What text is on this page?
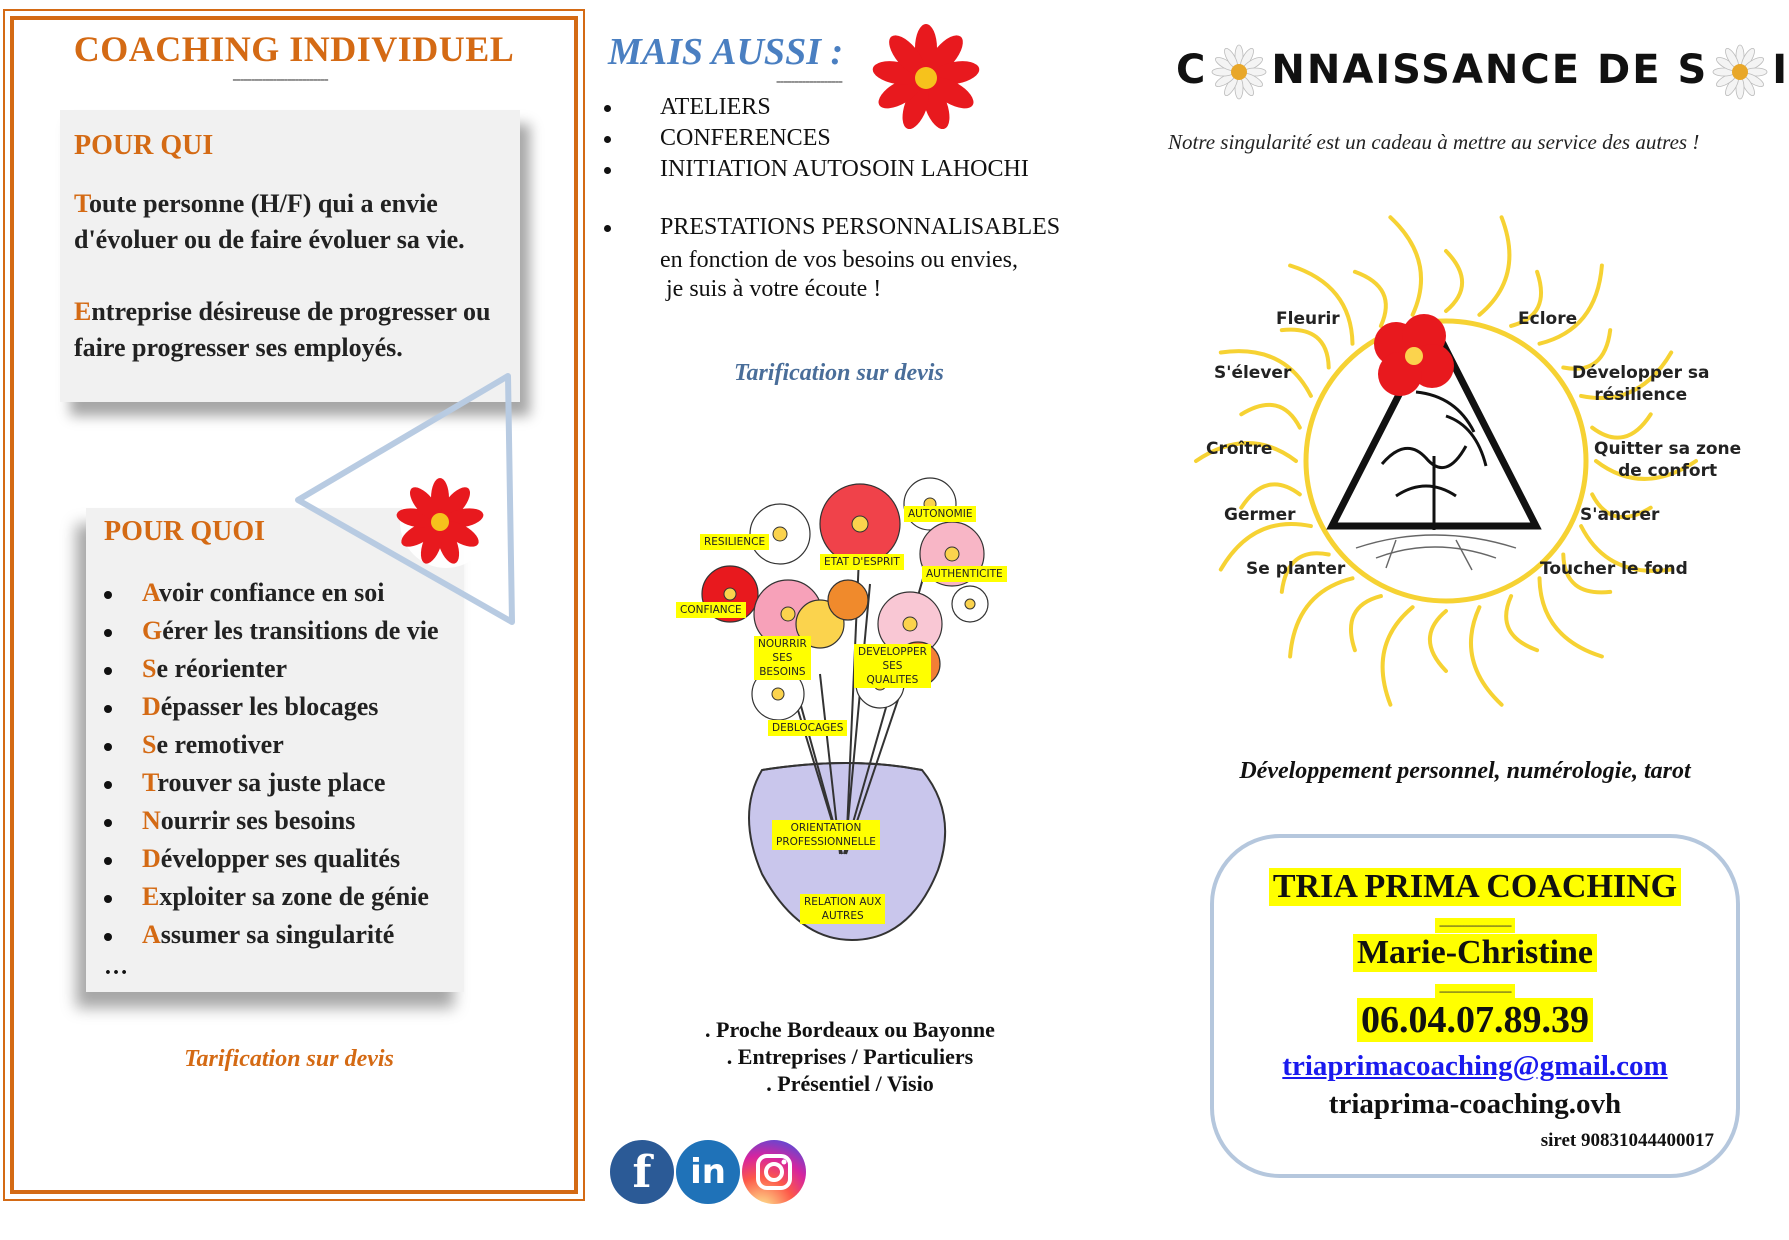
COACHING INDIVIDUEL
--------------------------
POUR QUI

Toute personne (H/F) qui a envie d'évoluer ou de faire évoluer sa vie.

Entreprise désireuse de progresser ou faire progresser ses employés.

POUR QUOI
Avoir confiance en soi
Gérer les transitions de vie
Se réorienter
Dépasser les blocages
Se remotiver
Trouver sa juste place
Nourrir ses besoins
Développer ses qualités
Exploiter sa zone de génie
Assumer sa singularité
…
Tarification sur devis
MAIS AUSSI :
------------------
ATELIERS
CONFERENCES
INITIATION AUTOSOIN LAHOCHI
PRESTATIONS PERSONNALISABLES
en fonction de vos besoins ou envies,
je suis à votre écoute !
Tarification sur devis
RESILIENCE
AUTONOMIE
ETAT D'ESPRIT
AUTHENTICITE
CONFIANCE
NOURRIR
SES
BESOINS
DEVELOPPER
SES
QUALITES
DEBLOCAGES
ORIENTATION
PROFESSIONNELLE
RELATION AUX
AUTRES
. Proche Bordeaux ou Bayonne
. Entreprises / Particuliers
. Présentiel / Visio
f	in
C NNAISSANCE DE S I
Notre singularité est un cadeau à mettre au service des autres !
Fleurir	Eclore
S'élever	Développer sa
résilience
Croître	Quitter sa zone
de confort
Germer	S'ancrer
Se planter	Toucher le fond
Développement personnel, numérologie, tarot
TRIA PRIMA COACHING
------------------------
Marie-Christine
------------------------
06.04.07.89.39
triaprimacoaching@gmail.com
triaprima-coaching.ovh
siret 90831044400017
